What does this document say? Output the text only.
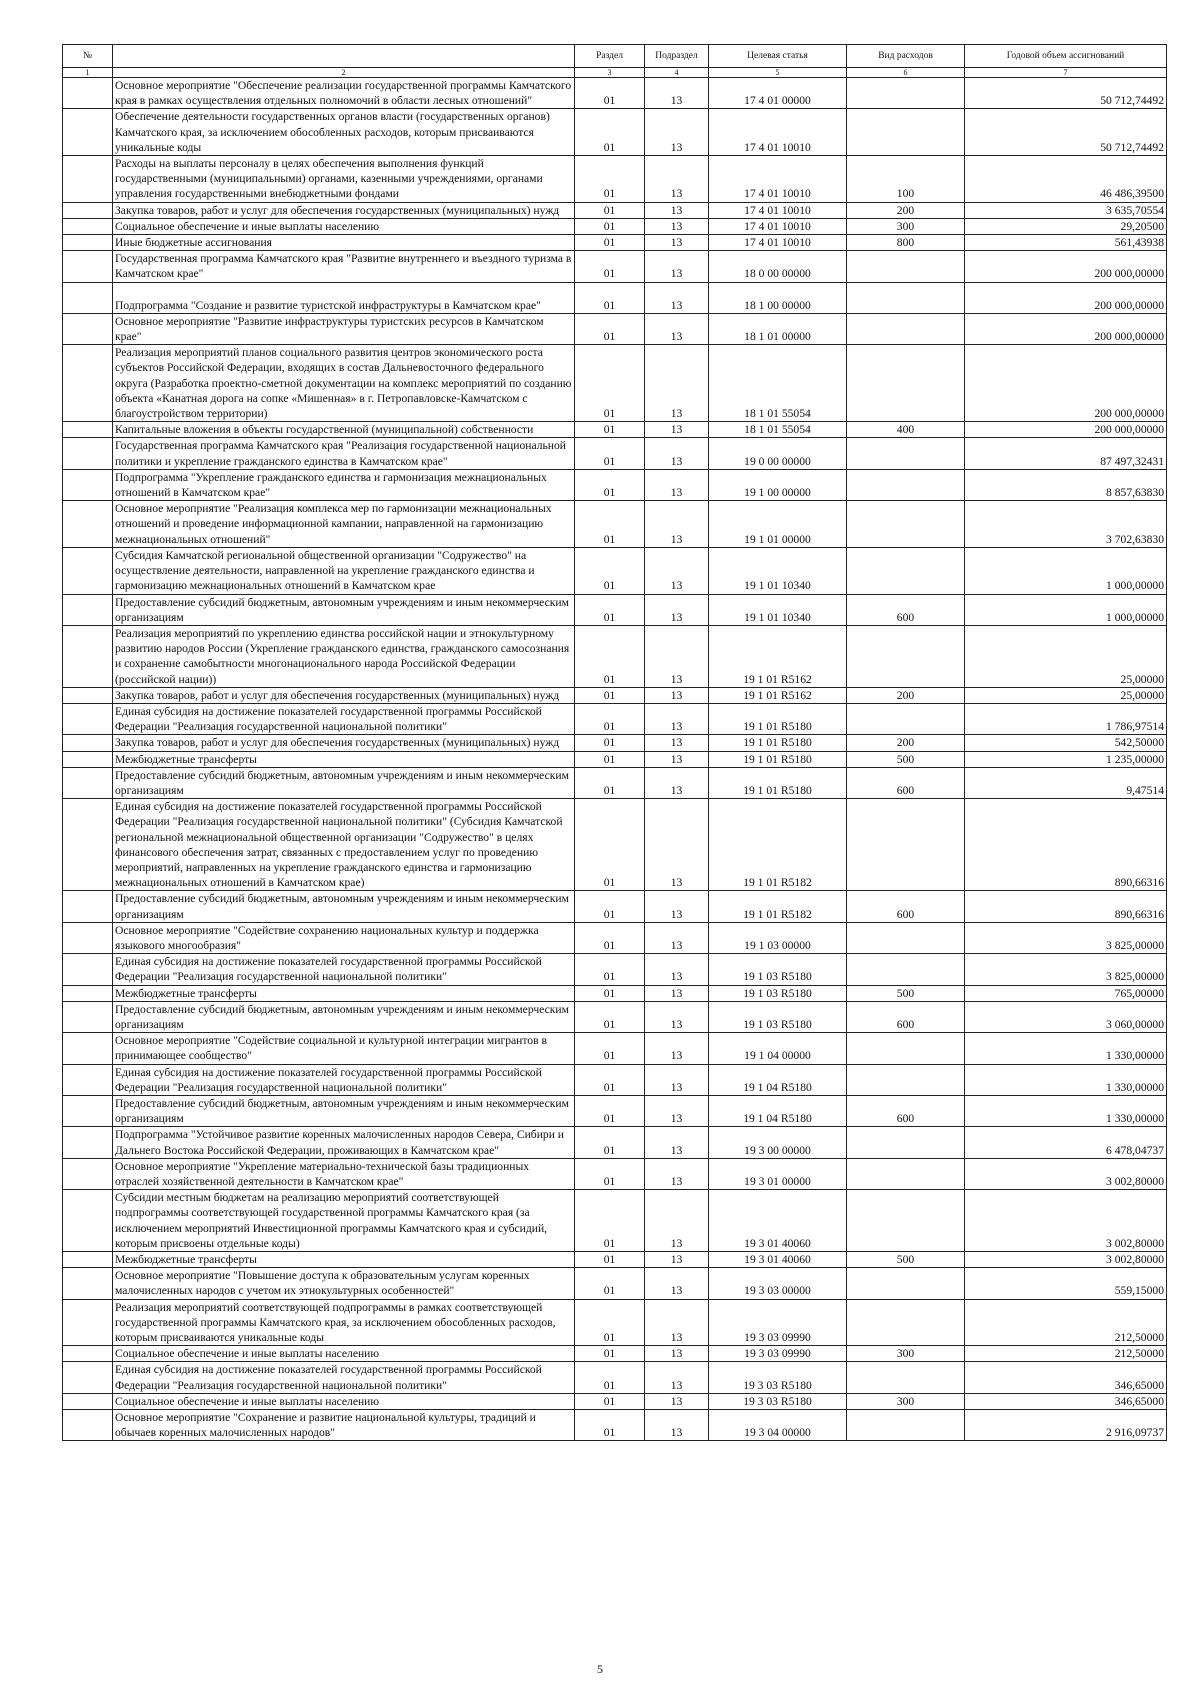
№		Раздел	Подраздел	Целевая статья	Вид расходов	Годовой объем ассигнований
1	2	3	4	5	6	7
	Основное мероприятие "Обеспечение реализации государственной программы Камчатского края в рамках осуществления отдельных полномочий в области лесных отношений"	01	13	17 4 01 00000		50 712,74492
	Обеспечение деятельности государственных органов власти (государственных органов) Камчатского края, за исключением обособленных расходов, которым присваиваются уникальные коды	01	13	17 4 01 10010		50 712,74492
	Расходы на выплаты персоналу в целях обеспечения выполнения функций государственными (муниципальными) органами, казенными учреждениями, органами управления государственными внебюджетными фондами	01	13	17 4 01 10010	100	46 486,39500
	Закупка товаров, работ и услуг для обеспечения государственных (муниципальных) нужд	01	13	17 4 01 10010	200	3 635,70554
	Социальное обеспечение и иные выплаты населению	01	13	17 4 01 10010	300	29,20500
	Иные бюджетные ассигнования	01	13	17 4 01 10010	800	561,43938
	Государственная программа Камчатского края "Развитие внутреннего и въездного туризма в Камчатском крае"	01	13	18 0 00 00000		200 000,00000
	Подпрограмма "Создание и развитие туристской инфраструктуры в Камчатском крае"	01	13	18 1 00 00000		200 000,00000
	Основное мероприятие "Развитие инфраструктуры туристских ресурсов в Камчатском крае"	01	13	18 1 01 00000		200 000,00000
	Реализация мероприятий планов социального развития центров экономического роста субъектов Российской Федерации, входящих в состав Дальневосточного федерального округа (Разработка проектно-сметной документации на комплекс мероприятий по созданию объекта «Канатная дорога на сопке «Мишенная» в г. Петропавловске-Камчатском с благоустройством территории)	01	13	18 1 01 55054		200 000,00000
	Капитальные вложения в объекты государственной (муниципальной) собственности	01	13	18 1 01 55054	400	200 000,00000
	Государственная программа Камчатского края "Реализация государственной национальной политики и укрепление гражданского единства в Камчатском крае"	01	13	19 0 00 00000		87 497,32431
	Подпрограмма "Укрепление гражданского единства и гармонизация межнациональных отношений в Камчатском крае"	01	13	19 1 00 00000		8 857,63830
	Основное мероприятие "Реализация комплекса мер по гармонизации межнациональных отношений и проведение информационной кампании, направленной на гармонизацию межнациональных отношений"	01	13	19 1 01 00000		3 702,63830
	Субсидия Камчатской региональной общественной организации "Содружество" на осуществление деятельности, направленной на укрепление гражданского единства и гармонизацию межнациональных отношений в Камчатском крае	01	13	19 1 01 10340		1 000,00000
	Предоставление субсидий бюджетным, автономным учреждениям и иным некоммерческим организациям	01	13	19 1 01 10340	600	1 000,00000
	Реализация мероприятий по укреплению единства российской нации и этнокультурному развитию народов России (Укрепление гражданского единства, гражданского самосознания и сохранение самобытности многонационального народа Российской Федерации (российской нации))	01	13	19 1 01 R5162		25,00000
	Закупка товаров, работ и услуг для обеспечения государственных (муниципальных) нужд	01	13	19 1 01 R5162	200	25,00000
	Единая субсидия на достижение показателей государственной программы Российской Федерации "Реализация государственной национальной политики"	01	13	19 1 01 R5180		1 786,97514
	Закупка товаров, работ и услуг для обеспечения государственных (муниципальных) нужд	01	13	19 1 01 R5180	200	542,50000
	Межбюджетные трансферты	01	13	19 1 01 R5180	500	1 235,00000
	Предоставление субсидий бюджетным, автономным учреждениям и иным некоммерческим организациям	01	13	19 1 01 R5180	600	9,47514
	Единая субсидия на достижение показателей государственной программы Российской Федерации "Реализация государственной национальной политики" (Субсидия Камчатской региональной межнациональной общественной организации "Содружество" в целях финансового обеспечения затрат, связанных с предоставлением услуг по проведению мероприятий, направленных на укрепление гражданского единства и гармонизацию межнациональных отношений в Камчатском крае)	01	13	19 1 01 R5182		890,66316
	Предоставление субсидий бюджетным, автономным учреждениям и иным некоммерческим организациям	01	13	19 1 01 R5182	600	890,66316
	Основное мероприятие "Содействие сохранению национальных культур и поддержка языкового многообразия"	01	13	19 1 03 00000		3 825,00000
	Единая субсидия на достижение показателей государственной программы Российской Федерации "Реализация государственной национальной политики"	01	13	19 1 03 R5180		3 825,00000
	Межбюджетные трансферты	01	13	19 1 03 R5180	500	765,00000
	Предоставление субсидий бюджетным, автономным учреждениям и иным некоммерческим организациям	01	13	19 1 03 R5180	600	3 060,00000
	Основное мероприятие "Содействие социальной и культурной интеграции мигрантов в принимающее сообщество"	01	13	19 1 04 00000		1 330,00000
	Единая субсидия на достижение показателей государственной программы Российской Федерации "Реализация государственной национальной политики"	01	13	19 1 04 R5180		1 330,00000
	Предоставление субсидий бюджетным, автономным учреждениям и иным некоммерческим организациям	01	13	19 1 04 R5180	600	1 330,00000
	Подпрограмма "Устойчивое развитие коренных малочисленных народов Севера, Сибири и Дальнего Востока Российской Федерации, проживающих в Камчатском крае"	01	13	19 3 00 00000		6 478,04737
	Основное мероприятие "Укрепление материально-технической базы традиционных отраслей хозяйственной деятельности в Камчатском крае"	01	13	19 3 01 00000		3 002,80000
	Субсидии местным бюджетам на реализацию мероприятий соответствующей подпрограммы соответствующей государственной программы Камчатского края (за исключением мероприятий Инвестиционной программы Камчатского края и субсидий, которым присвоены отдельные коды)	01	13	19 3 01 40060		3 002,80000
	Межбюджетные трансферты	01	13	19 3 01 40060	500	3 002,80000
	Основное мероприятие "Повышение доступа к образовательным услугам коренных малочисленных народов с учетом их этнокультурных особенностей"	01	13	19 3 03 00000		559,15000
	Реализация мероприятий соответствующей подпрограммы в рамках соответствующей государственной программы Камчатского края, за исключением обособленных расходов, которым присваиваются уникальные коды	01	13	19 3 03 09990		212,50000
	Социальное обеспечение и иные выплаты населению	01	13	19 3 03 09990	300	212,50000
	Единая субсидия на достижение показателей государственной программы Российской Федерации "Реализация государственной национальной политики"	01	13	19 3 03 R5180		346,65000
	Социальное обеспечение и иные выплаты населению	01	13	19 3 03 R5180	300	346,65000
	Основное мероприятие "Сохранение и развитие национальной культуры, традиций и обычаев коренных малочисленных народов"	01	13	19 3 04 00000		2 916,09737
5
